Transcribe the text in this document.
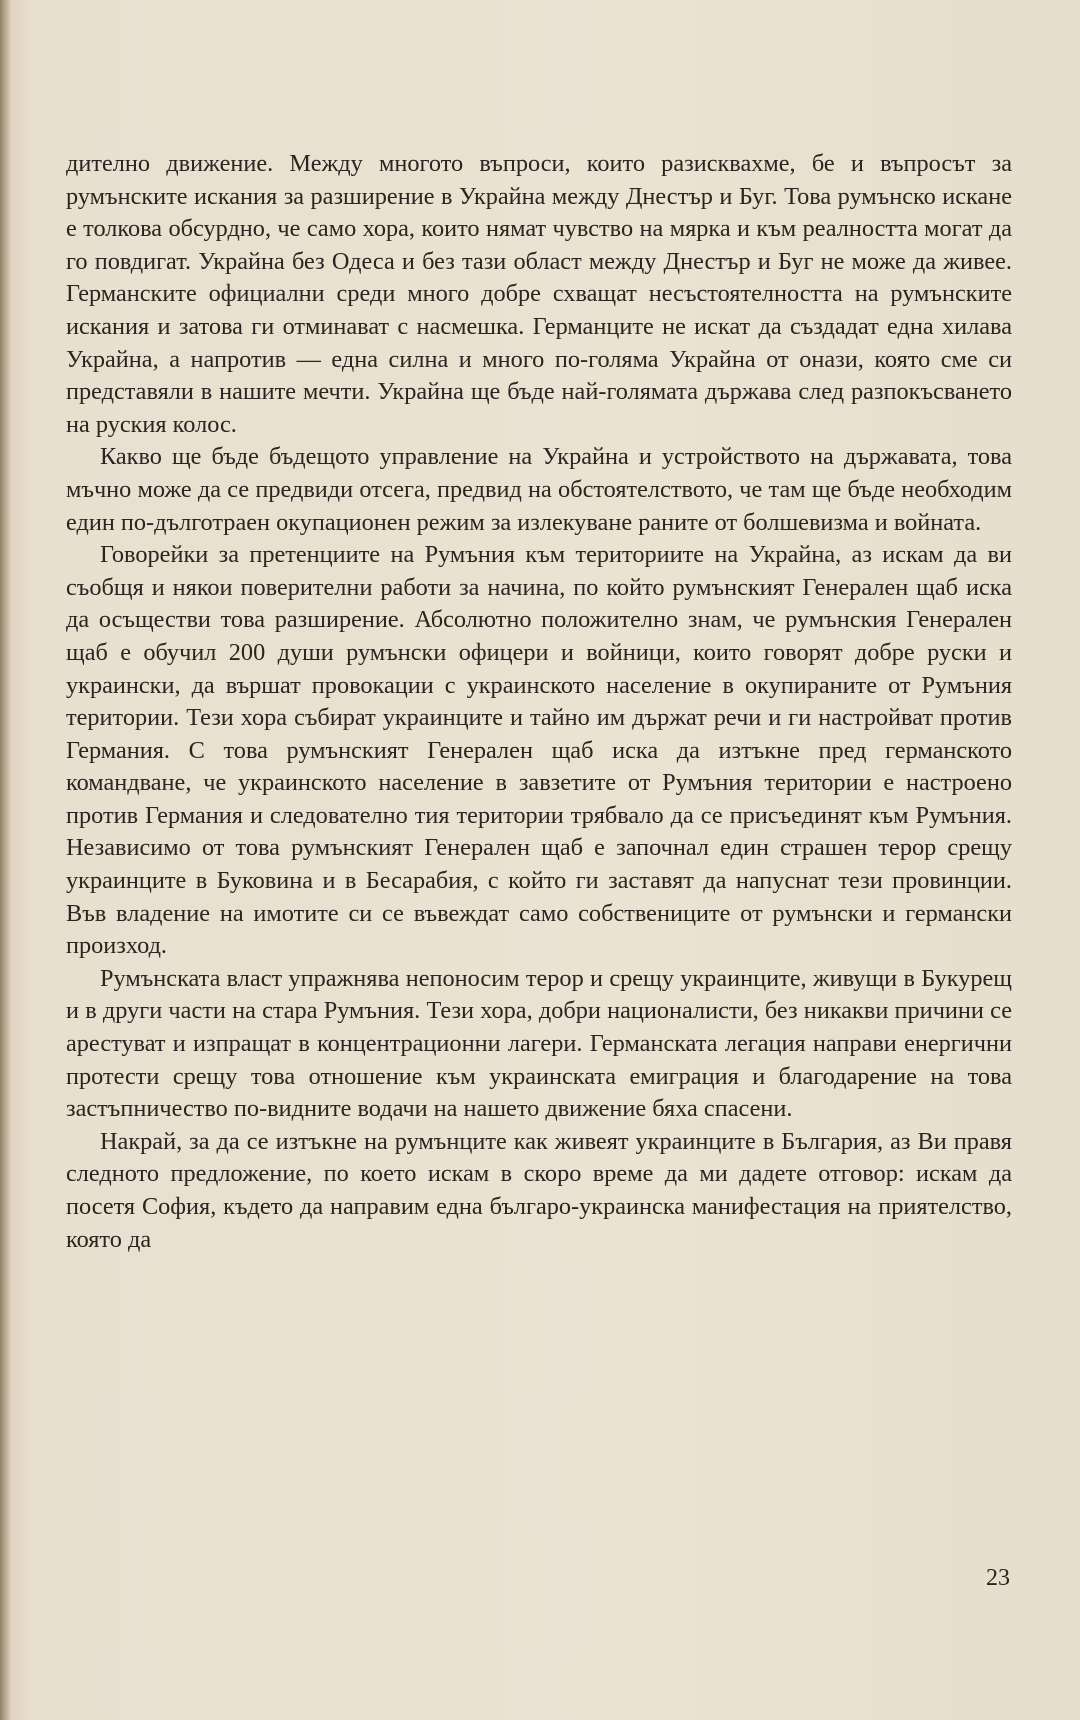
дително движение. Между многото въпроси, които разисквахме, бе и въпросът за румънските искания за разширение в Украйна между Днестър и Буг. Това румънско искане е толкова обсурдно, че само хора, които нямат чувство на мярка и към реалността могат да го повдигат. Украйна без Одеса и без тази област между Днестър и Буг не може да живее. Германските официални среди много добре схващат несъстоятелността на румънските искания и затова ги отминават с насмешка. Германците не искат да създадат една хилава Украйна, а напротив — една силна и много по-голяма Украйна от онази, която сме си представяли в нашите мечти. Украйна ще бъде най-голямата държава след разпокъсването на руския колос.

Какво ще бъде бъдещото управление на Украйна и устройството на държавата, това мъчно може да се предвиди отсега, предвид на обстоятелството, че там ще бъде необходим един по-дълготраен окупационен режим за излекуване раните от болшевизма и войната.

Говорейки за претенциите на Румъния към териториите на Украйна, аз искам да ви съобщя и някои поверителни работи за начина, по който румънският Генерален щаб иска да осъществи това разширение. Абсолютно положително знам, че румънския Генерален щаб е обучил 200 души румънски офицери и войници, които говорят добре руски и украински, да вършат провокации с украинското население в окупираните от Румъния територии. Тези хора събират украинците и тайно им държат речи и ги настройват против Германия. С това румънският Генерален щаб иска да изтъкне пред германското командване, че украинското население в завзетите от Румъния територии е настроено против Германия и следователно тия територии трябвало да се присъединят към Румъния. Независимо от това румънският Генерален щаб е започнал един страшен терор срещу украинците в Буковина и в Бесарабия, с който ги заставят да напуснат тези провинции. Във владение на имотите си се въвеждат само собствениците от румънски и германски произход.

Румънската власт упражнява непоносим терор и срещу украинците, живущи в Букурещ и в други части на стара Румъния. Тези хора, добри националисти, без никакви причини се арестуват и изпращат в концентрационни лагери. Германската легация направи енергични протести срещу това отношение към украинската емиграция и благодарение на това застъпничество по-видните водачи на нашето движение бяха спасени.

Накрай, за да се изтъкне на румънците как живеят украинците в България, аз Ви правя следното предложение, по което искам в скоро време да ми дадете отговор: искам да посетя София, където да направим една българо-украинска манифестация на приятелство, която да

23
